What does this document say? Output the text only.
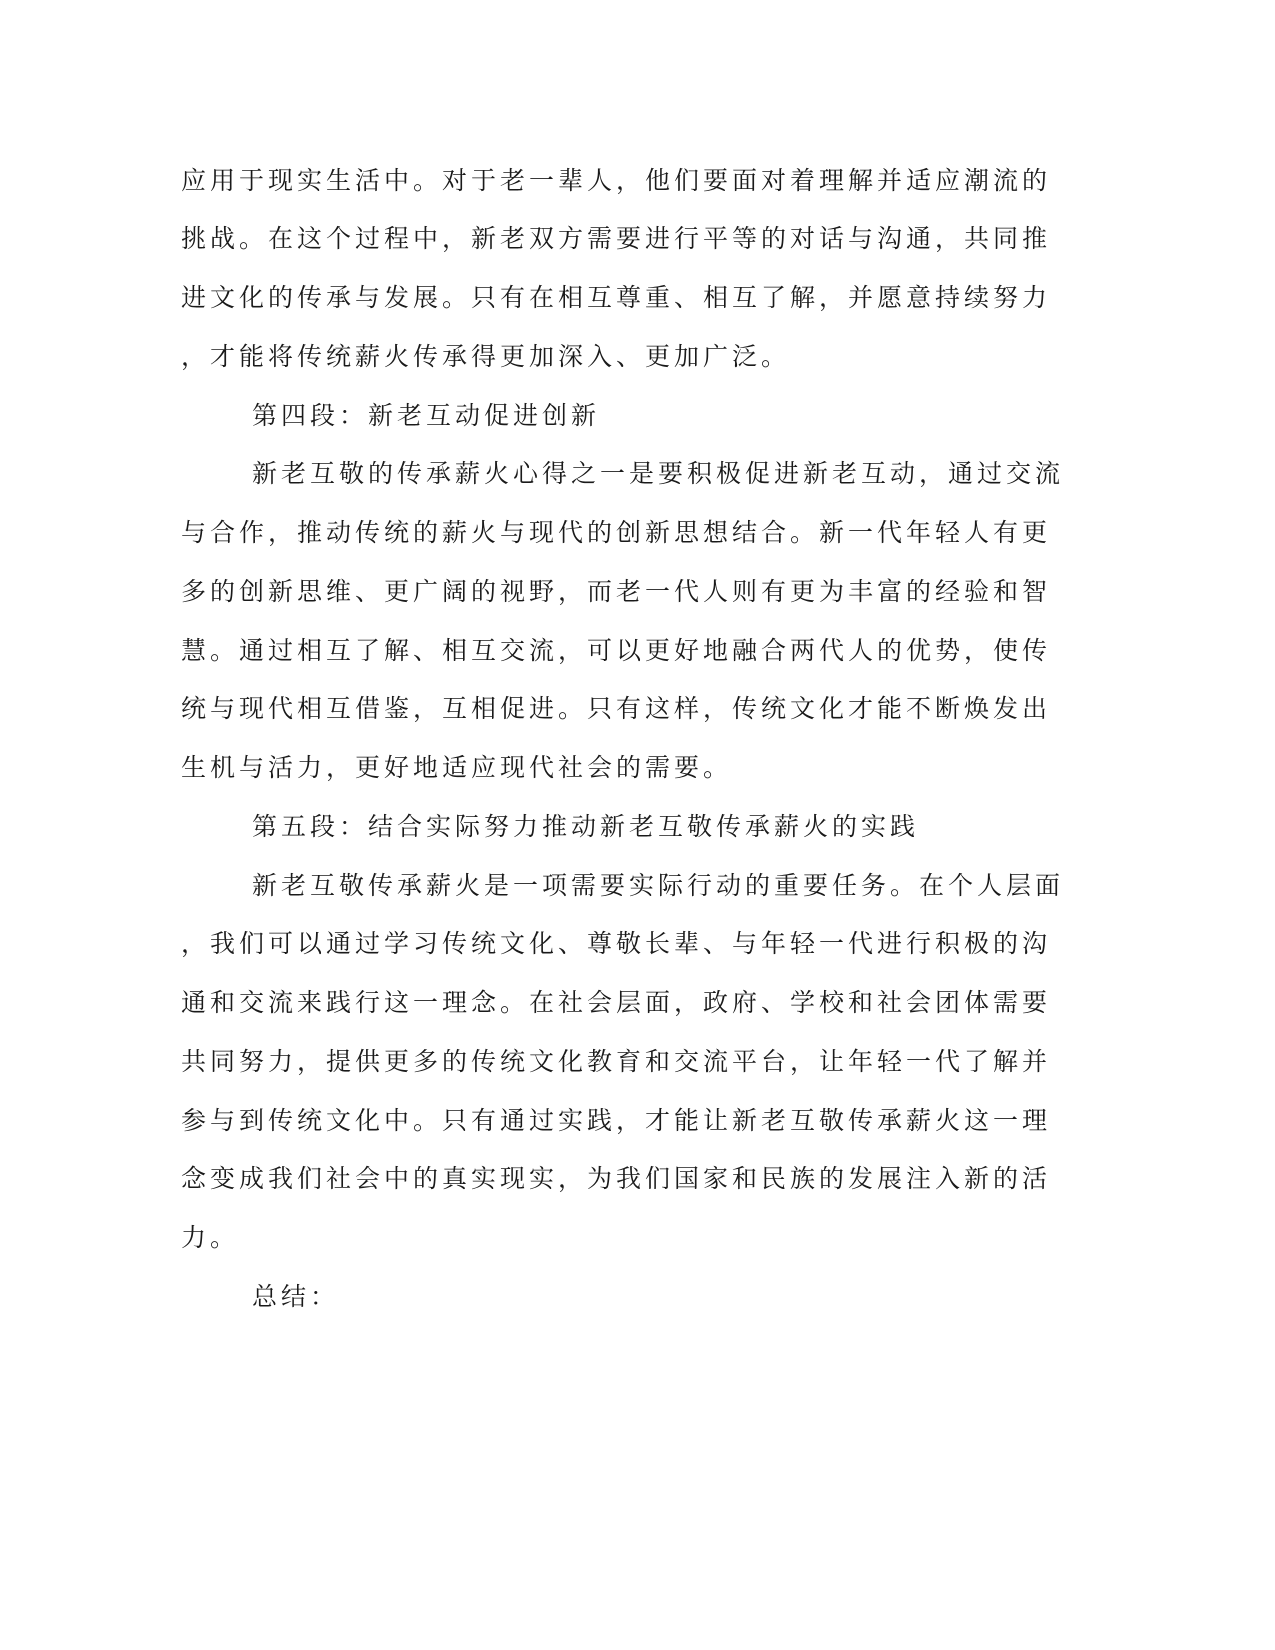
应用于现实生活中。对于老一辈人，他们要面对着理解并适应潮流的
挑战。在这个过程中，新老双方需要进行平等的对话与沟通，共同推
进文化的传承与发展。只有在相互尊重、相互了解，并愿意持续努力
，才能将传统薪火传承得更加深入、更加广泛。
第四段：新老互动促进创新
新老互敬的传承薪火心得之一是要积极促进新老互动，通过交流
与合作，推动传统的薪火与现代的创新思想结合。新一代年轻人有更
多的创新思维、更广阔的视野，而老一代人则有更为丰富的经验和智
慧。通过相互了解、相互交流，可以更好地融合两代人的优势，使传
统与现代相互借鉴，互相促进。只有这样，传统文化才能不断焕发出
生机与活力，更好地适应现代社会的需要。
第五段：结合实际努力推动新老互敬传承薪火的实践
新老互敬传承薪火是一项需要实际行动的重要任务。在个人层面
，我们可以通过学习传统文化、尊敬长辈、与年轻一代进行积极的沟
通和交流来践行这一理念。在社会层面，政府、学校和社会团体需要
共同努力，提供更多的传统文化教育和交流平台，让年轻一代了解并
参与到传统文化中。只有通过实践，才能让新老互敬传承薪火这一理
念变成我们社会中的真实现实，为我们国家和民族的发展注入新的活
力。
总结：
